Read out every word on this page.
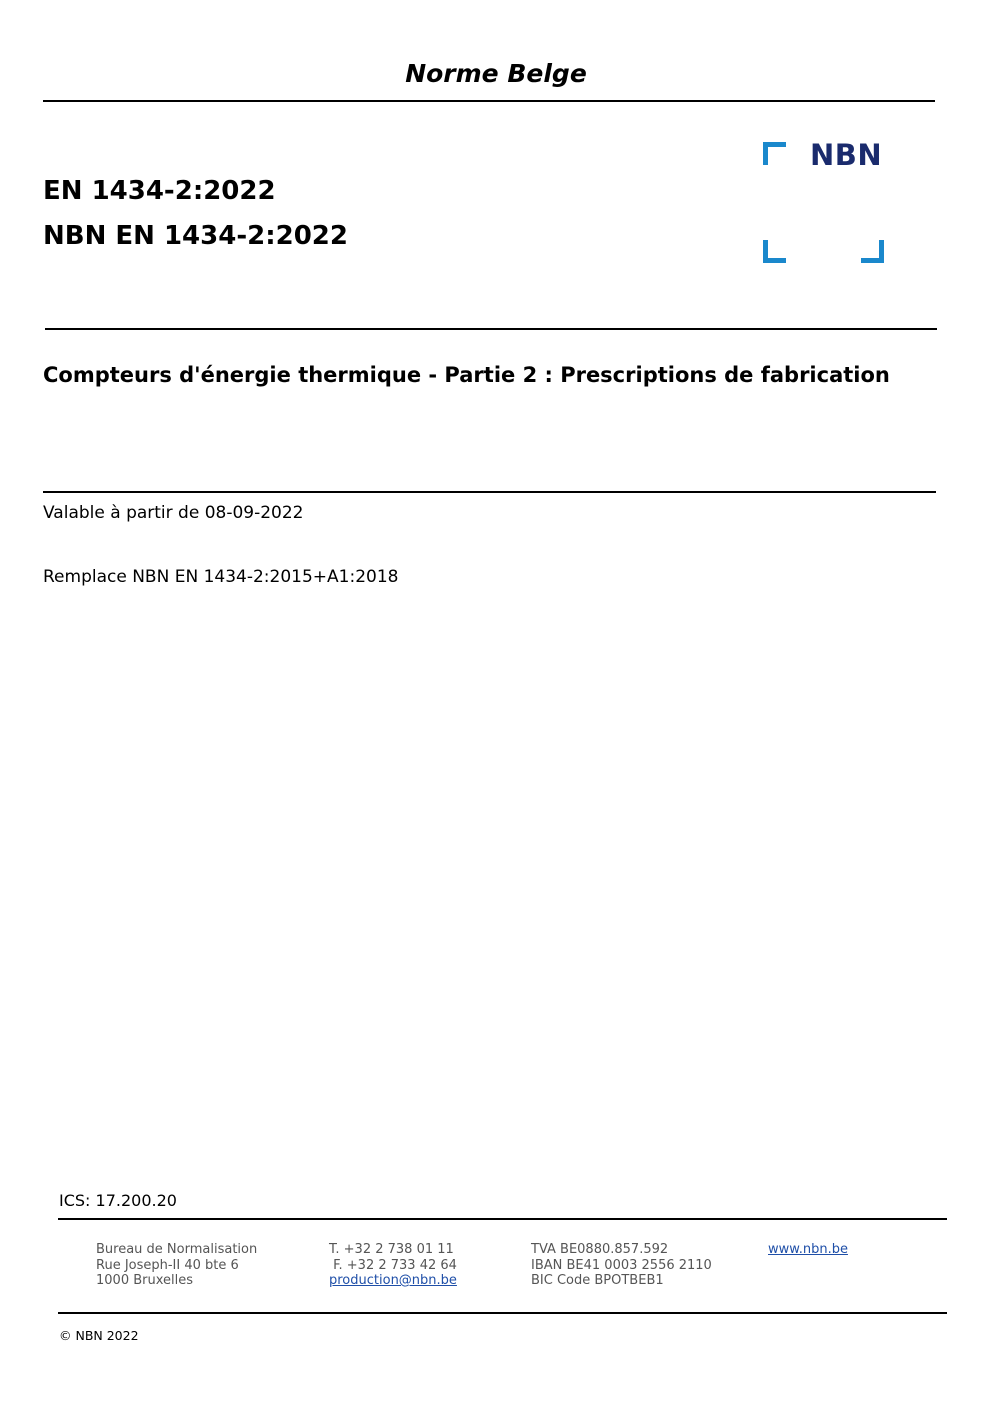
Norme Belge
EN 1434-2:2022
NBN EN 1434-2:2022
NBN
Compteurs d'énergie thermique - Partie 2 : Prescriptions de fabrication
Valable à partir de 08-09-2022
Remplace NBN EN 1434-2:2015+A1:2018
ICS: 17.200.20
Bureau de Normalisation
Rue Joseph-II 40 bte 6
1000 Bruxelles
T. +32 2 738 01 11
F. +32 2 733 42 64
production@nbn.be
TVA BE0880.857.592
IBAN BE41 0003 2556 2110
BIC Code BPOTBEB1
www.nbn.be
© NBN 2022
